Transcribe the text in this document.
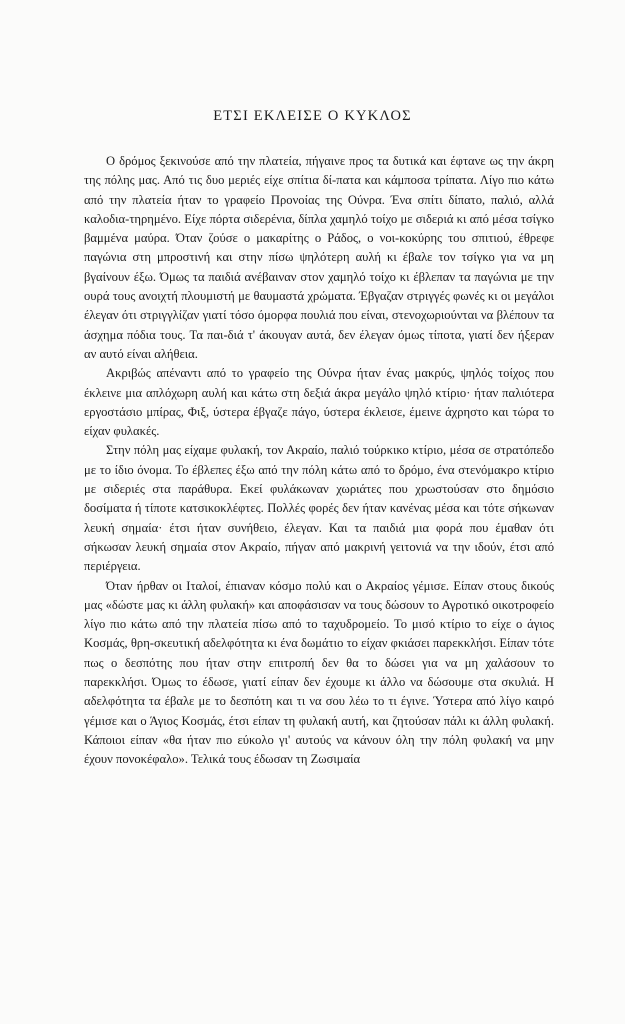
ΕΤΣΙ ΕΚΛΕΙΣΕ Ο ΚΥΚΛΟΣ

Ο δρόμος ξεκινούσε από την πλατεία, πήγαινε προς τα δυτικά και έφτανε ως την άκρη της πόλης μας. Από τις δυο μεριές είχε σπίτια δί-πατα και κάμποσα τρίπατα. Λίγο πιο κάτω από την πλατεία ήταν το γραφείο Προνοίας της Ούνρα. Ένα σπίτι δίπατο, παλιό, αλλά καλοδια-τηρημένο. Είχε πόρτα σιδερένια, δίπλα χαμηλό τοίχο με σιδεριά κι από μέσα τσίγκο βαμμένα μαύρα. Όταν ζούσε ο μακαρίτης ο Ράδος, ο νοι-κοκύρης του σπιτιού, έθρεφε παγώνια στη μπροστινή και στην πίσω ψηλότερη αυλή κι έβαλε τον τσίγκο για να μη βγαίνουν έξω. Όμως τα παιδιά ανέβαιναν στον χαμηλό τοίχο κι έβλεπαν τα παγώνια με την ουρά τους ανοιχτή πλουμιστή με θαυμαστά χρώματα. Έβγαζαν στριγγές φωνές κι οι μεγάλοι έλεγαν ότι στριγγλίζαν γιατί τόσο όμορφα πουλιά που είναι, στενοχωριούνται να βλέπουν τα άσχημα πόδια τους. Τα παι-διά τ' άκουγαν αυτά, δεν έλεγαν όμως τίποτα, γιατί δεν ήξεραν αν αυτό είναι αλήθεια.

Ακριβώς απέναντι από το γραφείο της Ούνρα ήταν ένας μακρύς, ψηλός τοίχος που έκλεινε μια απλόχωρη αυλή και κάτω στη δεξιά άκρα μεγάλο ψηλό κτίριο· ήταν παλιότερα εργοστάσιο μπίρας, Φιξ, ύστερα έβγαζε πάγο, ύστερα έκλεισε, έμεινε άχρηστο και τώρα το είχαν φυλακές.

Στην πόλη μας είχαμε φυλακή, τον Ακραίο, παλιό τούρκικο κτίριο, μέσα σε στρατόπεδο με το ίδιο όνομα. Το έβλεπες έξω από την πόλη κάτω από το δρόμο, ένα στενόμακρο κτίριο με σιδεριές στα παράθυρα. Εκεί φυλάκωναν χωριάτες που χρωστούσαν στο δημόσιο δοσίματα ή τίποτε κατσικοκλέφτες. Πολλές φορές δεν ήταν κανένας μέσα και τότε σήκωναν λευκή σημαία· έτσι ήταν συνήθειο, έλεγαν. Και τα παιδιά μια φορά που έμαθαν ότι σήκωσαν λευκή σημαία στον Ακραίο, πήγαν από μακρινή γειτονιά να την ιδούν, έτσι από περιέργεια.

Όταν ήρθαν οι Ιταλοί, έπιαναν κόσμο πολύ και ο Ακραίος γέμισε. Είπαν στους δικούς μας «δώστε μας κι άλλη φυλακή» και αποφάσισαν να τους δώσουν το Αγροτικό οικοτροφείο λίγο πιο κάτω από την πλατεία πίσω από το ταχυδρομείο. Το μισό κτίριο το είχε ο άγιος Κοσμάς, θρη-σκευτική αδελφότητα κι ένα δωμάτιο το είχαν φκιάσει παρεκκλήσι. Είπαν τότε πως ο δεσπότης που ήταν στην επιτροπή δεν θα το δώσει για να μη χαλάσουν το παρεκκλήσι. Όμως το έδωσε, γιατί είπαν δεν έχουμε κι άλλο να δώσουμε στα σκυλιά. Η αδελφότητα τα έβαλε με το δεσπότη και τι να σου λέω το τι έγινε. Ύστερα από λίγο καιρό γέμισε και ο Άγιος Κοσμάς, έτσι είπαν τη φυλακή αυτή, και ζητούσαν πάλι κι άλλη φυλακή. Κάποιοι είπαν «θα ήταν πιο εύκολο γι' αυτούς να κάνουν όλη την πόλη φυλακή να μην έχουν πονοκέφαλο». Τελικά τους έδωσαν τη Ζωσιμαία
